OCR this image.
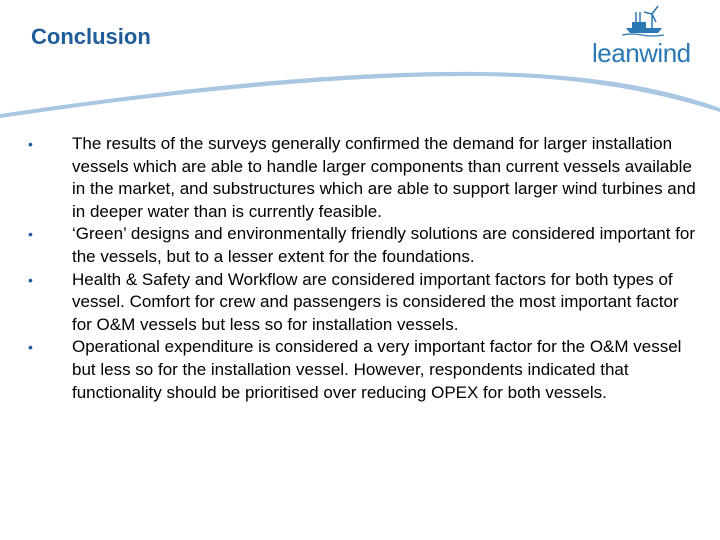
Conclusion
leanwind
•	The results of the surveys generally confirmed the demand for larger installation vessels which are able to handle larger components than current vessels available in the market, and substructures which are able to support larger wind turbines and in deeper water than is currently feasible.
•	‘Green’ designs and environmentally friendly solutions are considered important for the vessels, but to a lesser extent for the foundations.
•	Health & Safety and Workflow are considered important factors for both types of vessel. Comfort for crew and passengers is considered the most important factor for O&M vessels but less so for installation vessels.
•	Operational expenditure is considered a very important factor for the O&M vessel but less so for the installation vessel. However, respondents indicated that functionality should be prioritised over reducing OPEX for both vessels.
